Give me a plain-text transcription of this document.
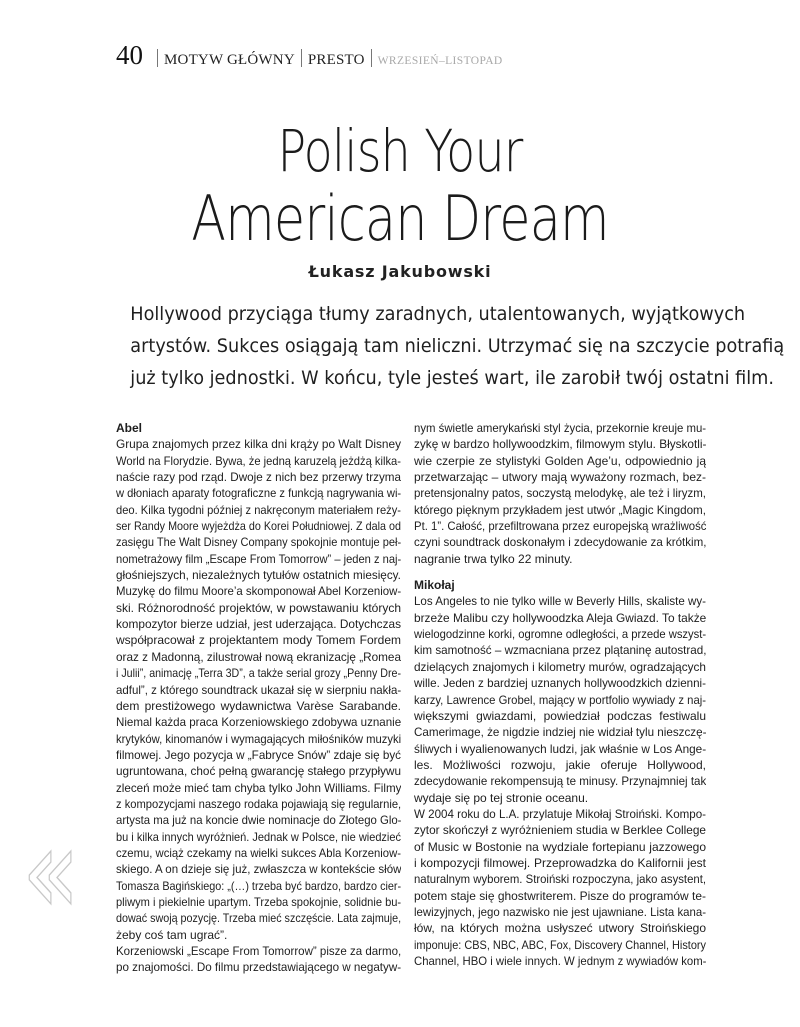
40 MOTYW GŁÓWNY PRESTO WRZESIEŃ–LISTOPAD
Polish Your
American Dream
Łukasz Jakubowski
Hollywood przyciąga tłumy zaradnych, utalentowanych, wyjątkowych
artystów. Sukces osiągają tam nieliczni. Utrzymać się na szczycie potrafią
już tylko jednostki. W końcu, tyle jesteś wart, ile zarobił twój ostatni film.
Abel
Grupa znajomych przez kilka dni krąży po Walt Disney
World na Florydzie. Bywa, że jedną karuzelą jeżdżą kilka-
naście razy pod rząd. Dwoje z nich bez przerwy trzyma
w dłoniach aparaty fotograficzne z funkcją nagrywania wi-
deo. Kilka tygodni później z nakręconym materiałem reży-
ser Randy Moore wyjeżdża do Korei Południowej. Z dala od
zasięgu The Walt Disney Company spokojnie montuje peł-
nometrażowy film „Escape From Tomorrow” – jeden z naj-
głośniejszych, niezależnych tytułów ostatnich miesięcy.
Muzykę do filmu Moore’a skomponował Abel Korzeniow-
ski. Różnorodność projektów, w powstawaniu których
kompozytor bierze udział, jest uderzająca. Dotychczas
współpracował z projektantem mody Tomem Fordem
oraz z Madonną, zilustrował nową ekranizację „Romea
i Julii”, animację „Terra 3D”, a także serial grozy „Penny Dre-
adful”, z którego soundtrack ukazał się w sierpniu nakła-
dem prestiżowego wydawnictwa Varèse Sarabande.
Niemal każda praca Korzeniowskiego zdobywa uznanie
krytyków, kinomanów i wymagających miłośników muzyki
filmowej. Jego pozycja w „Fabryce Snów” zdaje się być
ugruntowana, choć pełną gwarancję stałego przypływu
zleceń może mieć tam chyba tylko John Williams. Filmy
z kompozycjami naszego rodaka pojawiają się regularnie,
artysta ma już na koncie dwie nominacje do Złotego Glo-
bu i kilka innych wyróżnień. Jednak w Polsce, nie wiedzieć
czemu, wciąż czekamy na wielki sukces Abla Korzeniow-
skiego. A on dzieje się już, zwłaszcza w kontekście słów
Tomasza Bagińskiego: „(…) trzeba być bardzo, bardzo cier-
pliwym i piekielnie upartym. Trzeba spokojnie, solidnie bu-
dować swoją pozycję. Trzeba mieć szczęście. Lata zajmuje,
żeby coś tam ugrać”.
Korzeniowski „Escape From Tomorrow” pisze za darmo,
po znajomości. Do filmu przedstawiającego w negatyw-
nym świetle amerykański styl życia, przekornie kreuje mu-
zykę w bardzo hollywoodzkim, filmowym stylu. Błyskotli-
wie czerpie ze stylistyki Golden Age’u, odpowiednio ją
przetwarzając – utwory mają wyważony rozmach, bez-
pretensjonalny patos, soczystą melodykę, ale też i liryzm,
którego pięknym przykładem jest utwór „Magic Kingdom,
Pt. 1”. Całość, przefiltrowana przez europejską wrażliwość
czyni soundtrack doskonałym i zdecydowanie za krótkim,
nagranie trwa tylko 22 minuty.
Mikołaj
Los Angeles to nie tylko wille w Beverly Hills, skaliste wy-
brzeże Malibu czy hollywoodzka Aleja Gwiazd. To także
wielogodzinne korki, ogromne odległości, a przede wszyst-
kim samotność – wzmacniana przez plątaninę autostrad,
dzielących znajomych i kilometry murów, ogradzających
wille. Jeden z bardziej uznanych hollywoodzkich dzienni-
karzy, Lawrence Grobel, mający w portfolio wywiady z naj-
większymi gwiazdami, powiedział podczas festiwalu
Camerimage, że nigdzie indziej nie widział tylu nieszczę-
śliwych i wyalienowanych ludzi, jak właśnie w Los Ange-
les. Możliwości rozwoju, jakie oferuje Hollywood,
zdecydowanie rekompensują te minusy. Przynajmniej tak
wydaje się po tej stronie oceanu.
W 2004 roku do L.A. przylatuje Mikołaj Stroiński. Kompo-
zytor skończył z wyróżnieniem studia w Berklee College
of Music w Bostonie na wydziale fortepianu jazzowego
i kompozycji filmowej. Przeprowadzka do Kalifornii jest
naturalnym wyborem. Stroiński rozpoczyna, jako asystent,
potem staje się ghostwriterem. Pisze do programów te-
lewizyjnych, jego nazwisko nie jest ujawniane. Lista kana-
łów, na których można usłyszeć utwory Stroińskiego
imponuje: CBS, NBC, ABC, Fox, Discovery Channel, History
Channel, HBO i wiele innych. W jednym z wywiadów kom-
«
